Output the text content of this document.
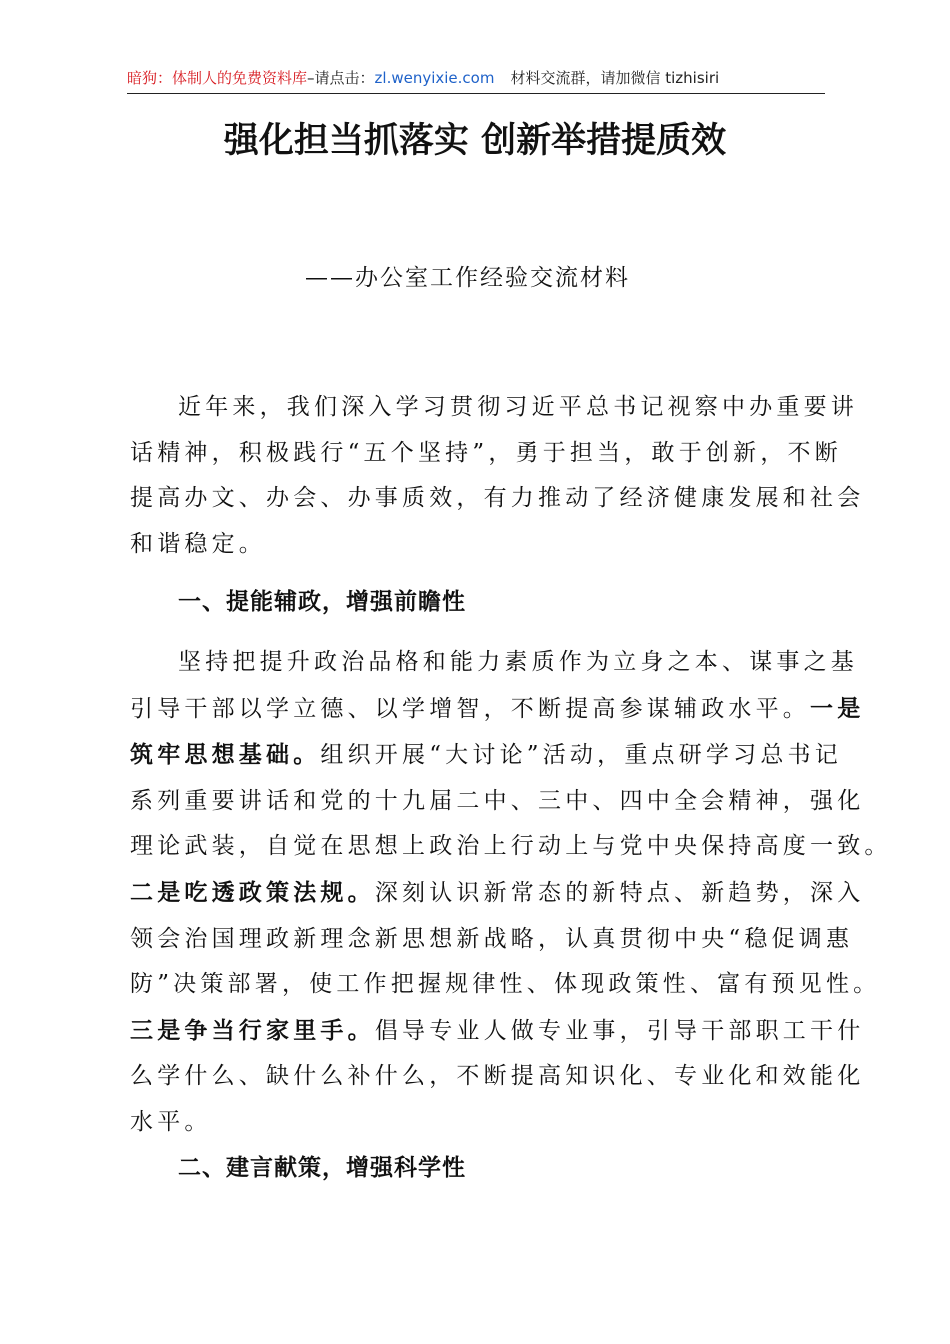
暗狗：体制人的免费资料库–请点击：zl.wenyixie.com 材料交流群，请加微信 tizhisiri
强化担当抓落实 创新举措提质效
——办公室工作经验交流材料
近年来，我们深入学习贯彻习近平总书记视察中办重要讲
话精神，积极践行“五个坚持”，勇于担当，敢于创新，不断
提高办文、办会、办事质效，有力推动了经济健康发展和社会
和谐稳定。
一、提能辅政，增强前瞻性
坚持把提升政治品格和能力素质作为立身之本、谋事之基
引导干部以学立德、以学增智，不断提高参谋辅政水平。一是
筑牢思想基础。组织开展“大讨论”活动，重点研学习总书记
系列重要讲话和党的十九届二中、三中、四中全会精神，强化
理论武装，自觉在思想上政治上行动上与党中央保持高度一致。
二是吃透政策法规。深刻认识新常态的新特点、新趋势，深入
领会治国理政新理念新思想新战略，认真贯彻中央“稳促调惠
防”决策部署，使工作把握规律性、体现政策性、富有预见性。
三是争当行家里手。倡导专业人做专业事，引导干部职工干什
么学什么、缺什么补什么，不断提高知识化、专业化和效能化
水平。
二、建言献策，增强科学性
